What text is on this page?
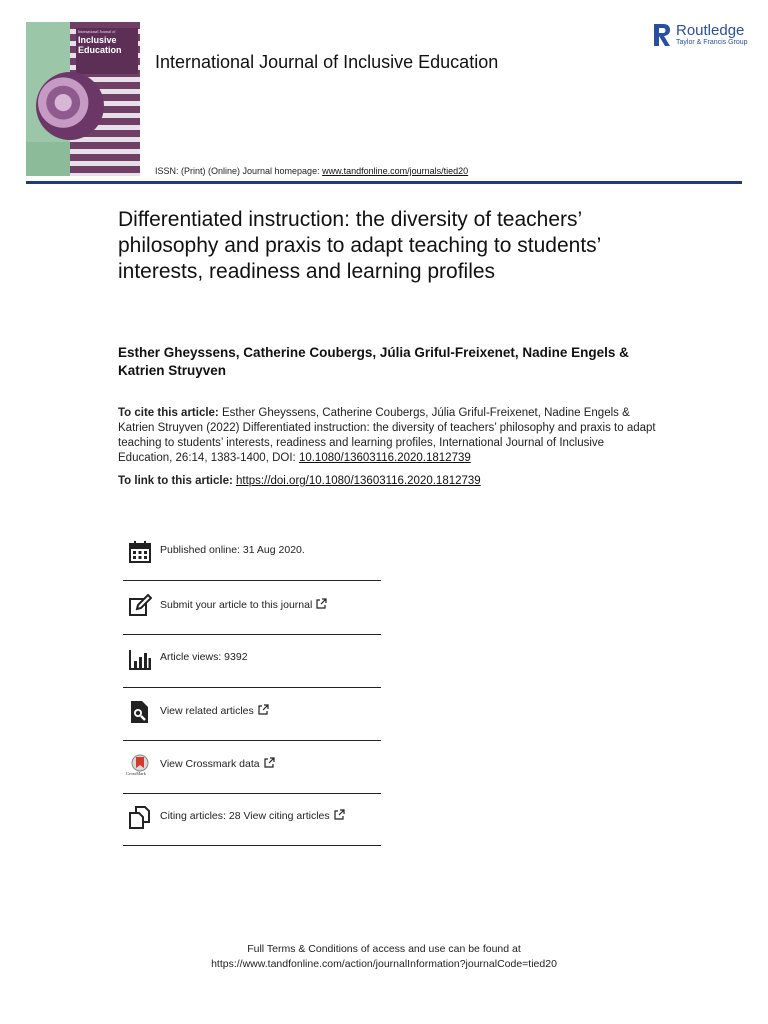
International Journal of
Inclusive
Education
International Journal of Inclusive Education
ISSN: (Print) (Online) Journal homepage: www.tandfonline.com/journals/tied20
Routledge
Taylor & Francis Group
Differentiated instruction: the diversity of teachers’ philosophy and praxis to adapt teaching to students’ interests, readiness and learning profiles
Esther Gheyssens, Catherine Coubergs, Júlia Griful-Freixenet, Nadine Engels & Katrien Struyven
To cite this article: Esther Gheyssens, Catherine Coubergs, Júlia Griful-Freixenet, Nadine Engels & Katrien Struyven (2022) Differentiated instruction: the diversity of teachers’ philosophy and praxis to adapt teaching to students’ interests, readiness and learning profiles, International Journal of Inclusive Education, 26:14, 1383-1400, DOI: 10.1080/13603116.2020.1812739
To link to this article: https://doi.org/10.1080/13603116.2020.1812739
Published online: 31 Aug 2020.
Submit your article to this journal
Article views: 9392
View related articles
CrossMark
View Crossmark data
Citing articles: 28 View citing articles
Full Terms & Conditions of access and use can be found at
https://www.tandfonline.com/action/journalInformation?journalCode=tied20
